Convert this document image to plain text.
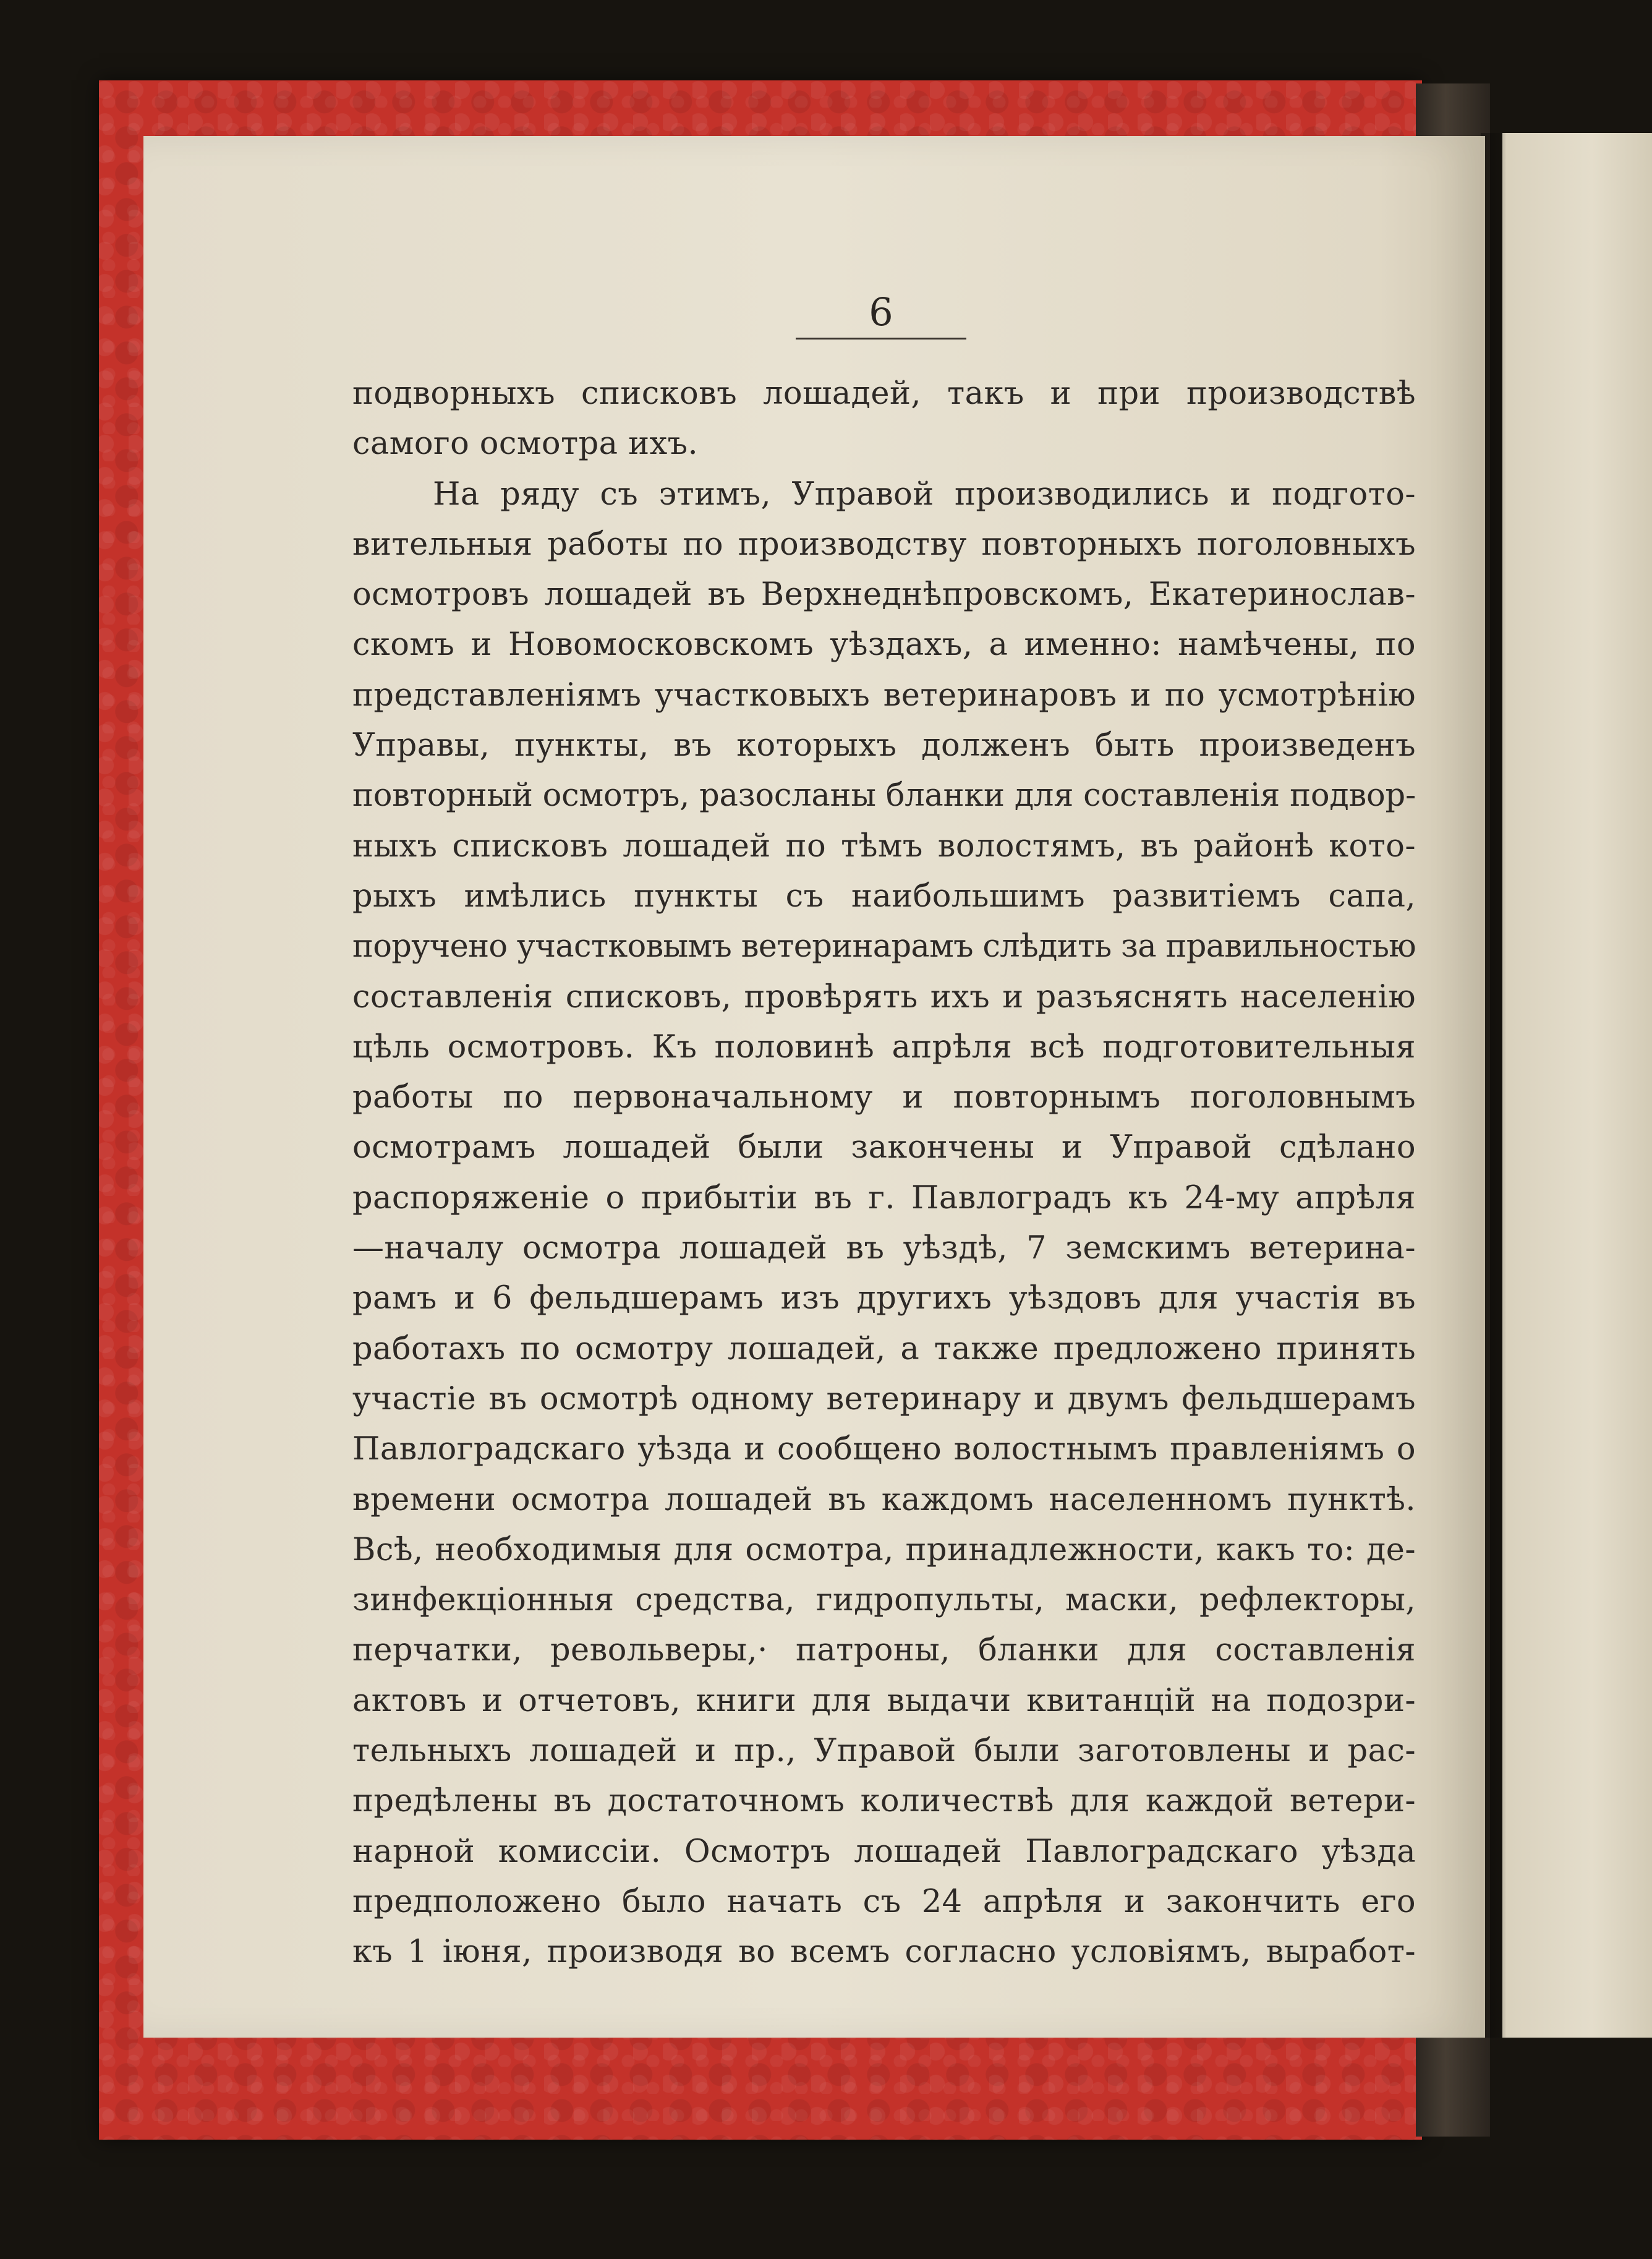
6
подворныхъ списковъ лошадей, такъ и при производствѣ
самого осмотра ихъ.
На ряду съ этимъ, Управой производились и подгото-
вительныя работы по производству повторныхъ поголовныхъ
осмотровъ лошадей въ Верхнеднѣпровскомъ, Екатеринослав-
скомъ и Новомосковскомъ уѣздахъ, а именно: намѣчены, по
представленіямъ участковыхъ ветеринаровъ и по усмотрѣнію
Управы, пункты, въ которыхъ долженъ быть произведенъ
повторный осмотръ, разосланы бланки для составленія подвор-
ныхъ списковъ лошадей по тѣмъ волостямъ, въ районѣ кото-
рыхъ имѣлись пункты съ наибольшимъ развитіемъ сапа,
поручено участковымъ ветеринарамъ слѣдить за правильностью
составленія списковъ, провѣрять ихъ и разъяснять населенію
цѣль осмотровъ. Къ половинѣ апрѣля всѣ подготовительныя
работы по первоначальному и повторнымъ поголовнымъ
осмотрамъ лошадей были закончены и Управой сдѣлано
распоряженіе о прибытіи въ г. Павлоградъ къ 24-му апрѣля
—началу осмотра лошадей въ уѣздѣ, 7 земскимъ ветерина-
рамъ и 6 фельдшерамъ изъ другихъ уѣздовъ для участія въ
работахъ по осмотру лошадей, а также предложено принять
участіе въ осмотрѣ одному ветеринару и двумъ фельдшерамъ
Павлоградскаго уѣзда и сообщено волостнымъ правленіямъ о
времени осмотра лошадей въ каждомъ населенномъ пунктѣ.
Всѣ, необходимыя для осмотра, принадлежности, какъ то: де-
зинфекціонныя средства, гидропульты, маски, рефлекторы,
перчатки, револьверы,· патроны, бланки для составленія
актовъ и отчетовъ, книги для выдачи квитанцій на подозри-
тельныхъ лошадей и пр., Управой были заготовлены и рас-
предѣлены въ достаточномъ количествѣ для каждой ветери-
нарной комиссіи. Осмотръ лошадей Павлоградскаго уѣзда
предположено было начать съ 24 апрѣля и закончить его
къ 1 іюня, производя во всемъ согласно условіямъ, выработ-
